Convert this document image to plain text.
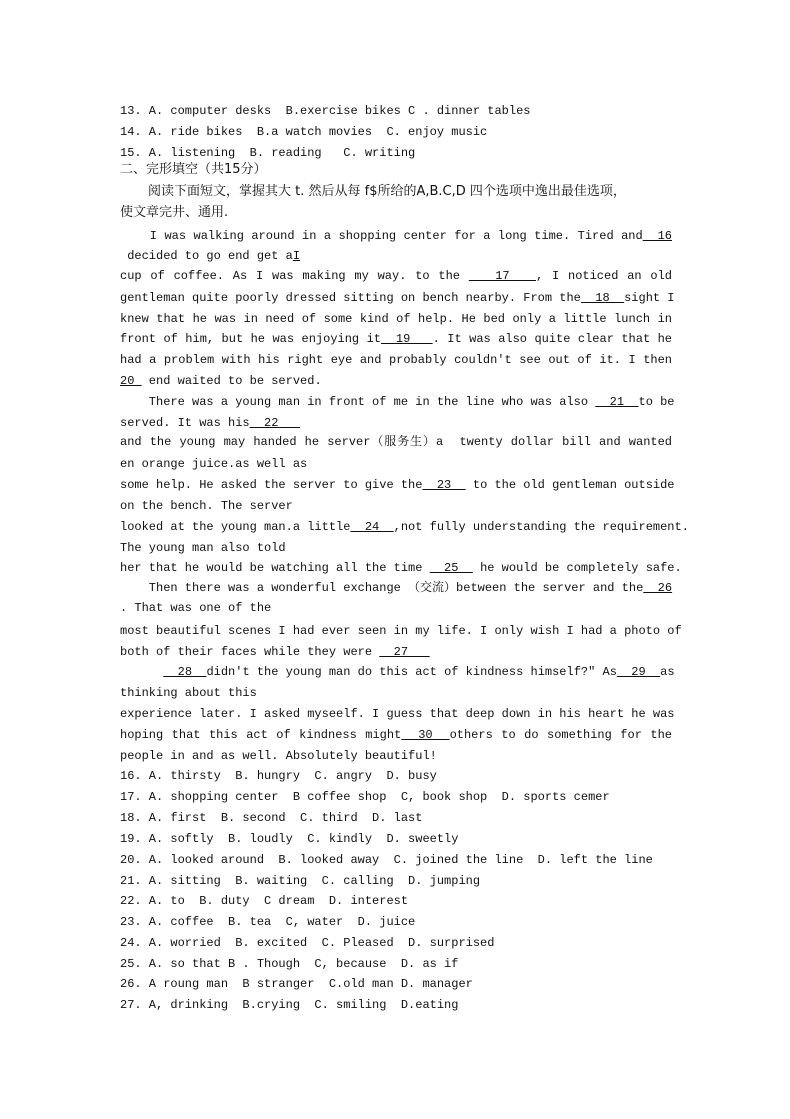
13. A. computer desks  B.exercise bikes C . dinner tables
14. A. ride bikes  B.a watch movies  C. enjoy music
15. A. listening  B. reading   C. writing
二、完形填空（共15分）
阅读下面短文，掌握其大 t. 然后从每 f$所给的A,B.C,D 四个选项中逸出最佳选项，
使文章完井、通用.
I was walking around in a shopping center for a long time. Tired and  16
decided to go end get aI
cup of coffee. As I was making my way. to the    17   , I noticed an old
gentleman quite poorly dressed sitting on bench nearby. From the  18  sight I
knew that he was in need of some kind of help. He bed only a little lunch in
front of him, but he was enjoying it  19   . It was also quite clear that he
had a problem with his right eye and probably couldn't see out of it. I then
20  end waited to be served.
There was a young man in front of me in the line who was also   21  to be
served. It was his  22
and the young may handed he server（服务生）a  twenty dollar bill and wanted
en orange juice.as well as
some help. He asked the server to give the  23   to the old gentleman outside
on the bench. The server
looked at the young man.a little  24  ,not fully understanding the requirement.
The young man also told
her that he would be watching all the time   25   he would be completely safe.
Then there was a wonderful exchange （交流）between the server and the  26
. That was one of the
most beautiful scenes I had ever seen in my life. I only wish I had a photo of
both of their faces while they were   27
28  didn't the young man do this act of kindness himself?" As  29  as
thinking about this
experience later. I asked myseelf. I guess that deep down in his heart he was
hoping that this act of kindness might  30  others to do something for the
people in and as well. Absolutely beautiful!
16. A. thirsty  B. hungry  C. angry  D. busy
17. A. shopping center  B coffee shop  C, book shop  D. sports cemer
18. A. first  B. second  C. third  D. last
19. A. softly  B. loudly  C. kindly  D. sweetly
20. A. looked around  B. looked away  C. joined the line  D. left the line
21. A. sitting  B. waiting  C. calling  D. jumping
22. A. to  B. duty  C dream  D. interest
23. A. coffee  B. tea  C, water  D. juice
24. A. worried  B. excited  C. Pleased  D. surprised
25. A. so that B . Though  C, because  D. as if
26. A roung man  B stranger  C.old man D. manager
27. A, drinking  B.crying  C. smiling  D.eating
